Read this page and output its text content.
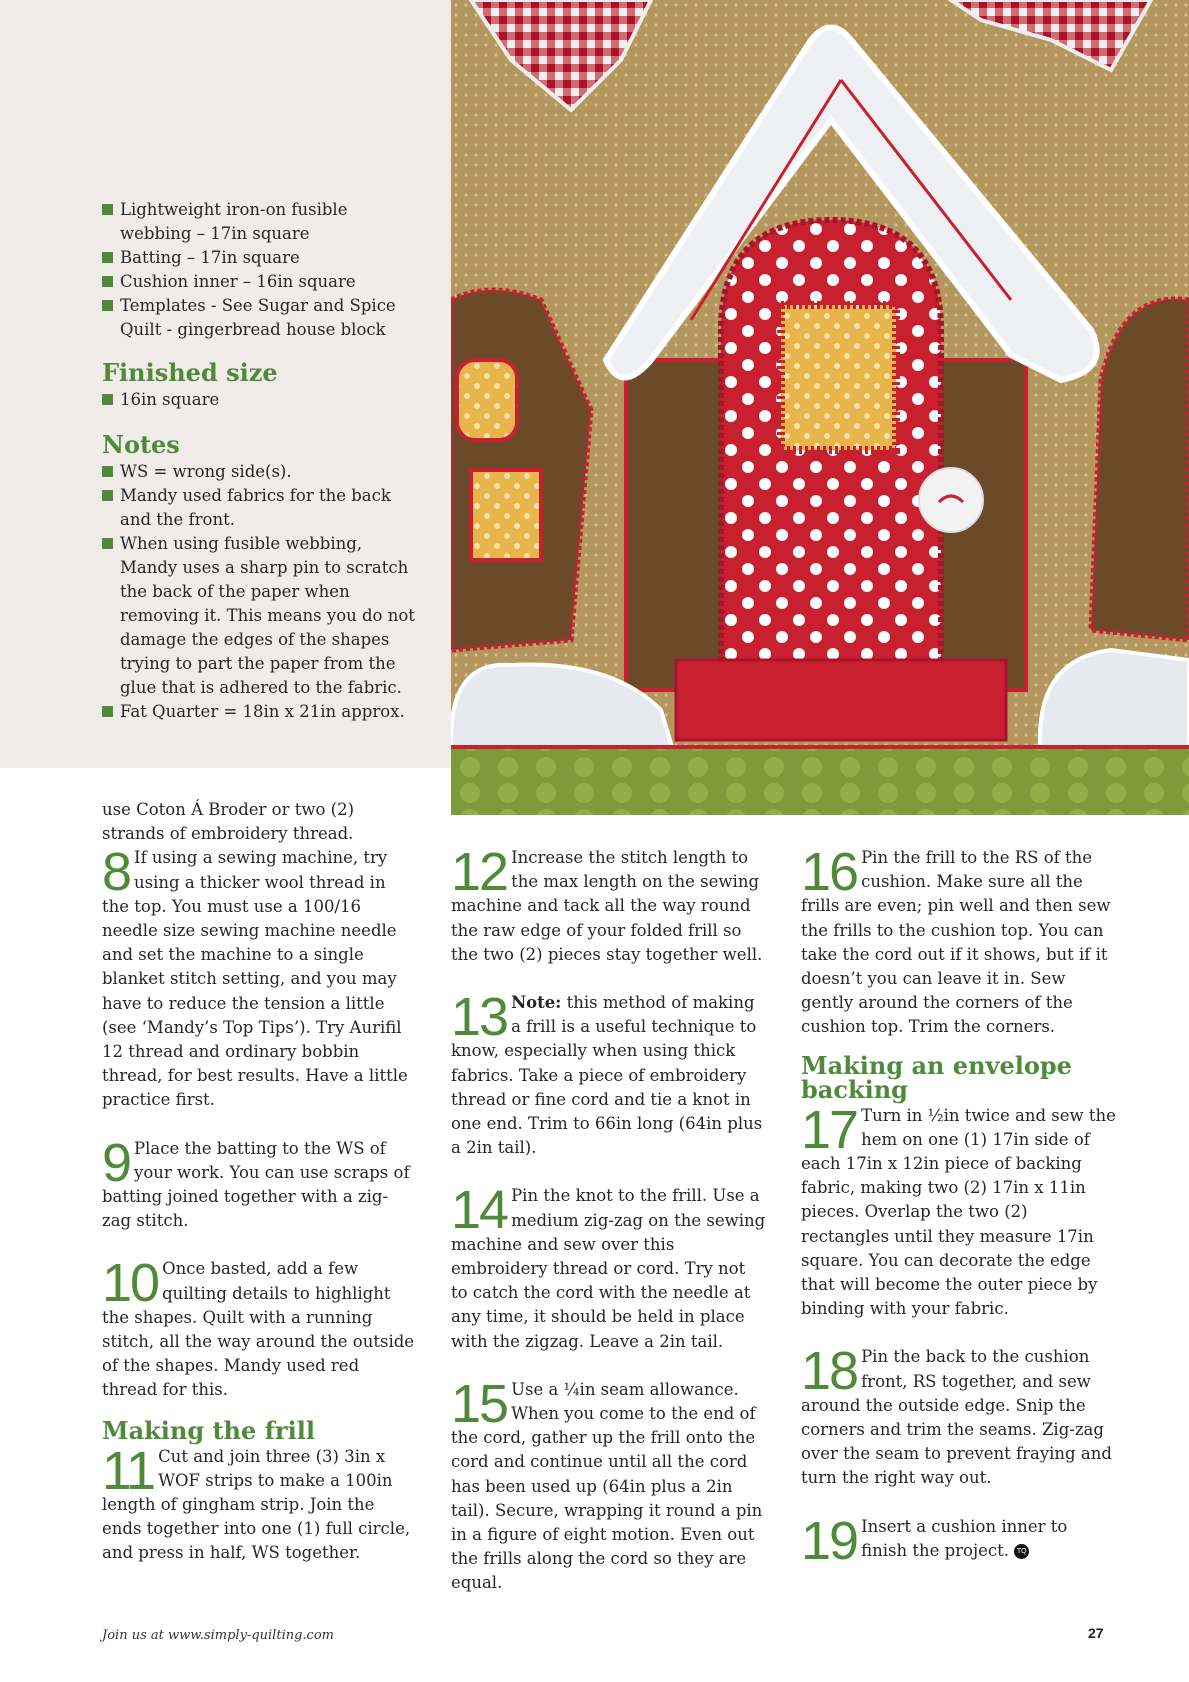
Lightweight iron-on fusible webbing – 17in square
Batting – 17in square
Cushion inner – 16in square
Templates - See Sugar and Spice Quilt - gingerbread house block
Finished size
16in square
Notes
WS = wrong side(s).
Mandy used fabrics for the back and the front.
When using fusible webbing, Mandy uses a sharp pin to scratch the back of the paper when removing it. This means you do not damage the edges of the shapes trying to part the paper from the glue that is adhered to the fabric.
Fat Quarter = 18in x 21in approx.

use Coton Á Broder or two (2) strands of embroidery thread.

8 If using a sewing machine, try using a thicker wool thread in the top. You must use a 100/16 needle size sewing machine needle and set the machine to a single blanket stitch setting, and you may have to reduce the tension a little (see ‘Mandy’s Top Tips’). Try Aurifil 12 thread and ordinary bobbin thread, for best results. Have a little practice first.
9 Place the batting to the WS of your work. You can use scraps of batting joined together with a zig-zag stitch.
10 Once basted, add a few quilting details to highlight the shapes. Quilt with a running stitch, all the way around the outside of the shapes. Mandy used red thread for this.
Making the frill
11 Cut and join three (3) 3in x WOF strips to make a 100in length of gingham strip. Join the ends together into one (1) full circle, and press in half, WS together.
12 Increase the stitch length to the max length on the sewing machine and tack all the way round the raw edge of your folded frill so the two (2) pieces stay together well.
13 Note: this method of making a frill is a useful technique to know, especially when using thick fabrics. Take a piece of embroidery thread or fine cord and tie a knot in one end. Trim to 66in long (64in plus a 2in tail).
14 Pin the knot to the frill. Use a medium zig-zag on the sewing machine and sew over this embroidery thread or cord. Try not to catch the cord with the needle at any time, it should be held in place with the zigzag. Leave a 2in tail.
15 Use a ¼in seam allowance. When you come to the end of the cord, gather up the frill onto the cord and continue until all the cord has been used up (64in plus a 2in tail). Secure, wrapping it round a pin in a figure of eight motion. Even out the frills along the cord so they are equal.
16 Pin the frill to the RS of the cushion. Make sure all the frills are even; pin well and then sew the frills to the cushion top. You can take the cord out if it shows, but if it doesn’t you can leave it in. Sew gently around the corners of the cushion top. Trim the corners.
Making an envelope backing
17 Turn in ½in twice and sew the hem on one (1) 17in side of each 17in x 12in piece of backing fabric, making two (2) 17in x 11in pieces. Overlap the two (2) rectangles until they measure 17in square. You can decorate the edge that will become the outer piece by binding with your fabric.
18 Pin the back to the cushion front, RS together, and sew around the outside edge. Snip the corners and trim the seams. Zig-zag over the seam to prevent fraying and turn the right way out.
19 Insert a cushion inner to finish the project. TQ
Join us at www.simply-quilting.com	27
